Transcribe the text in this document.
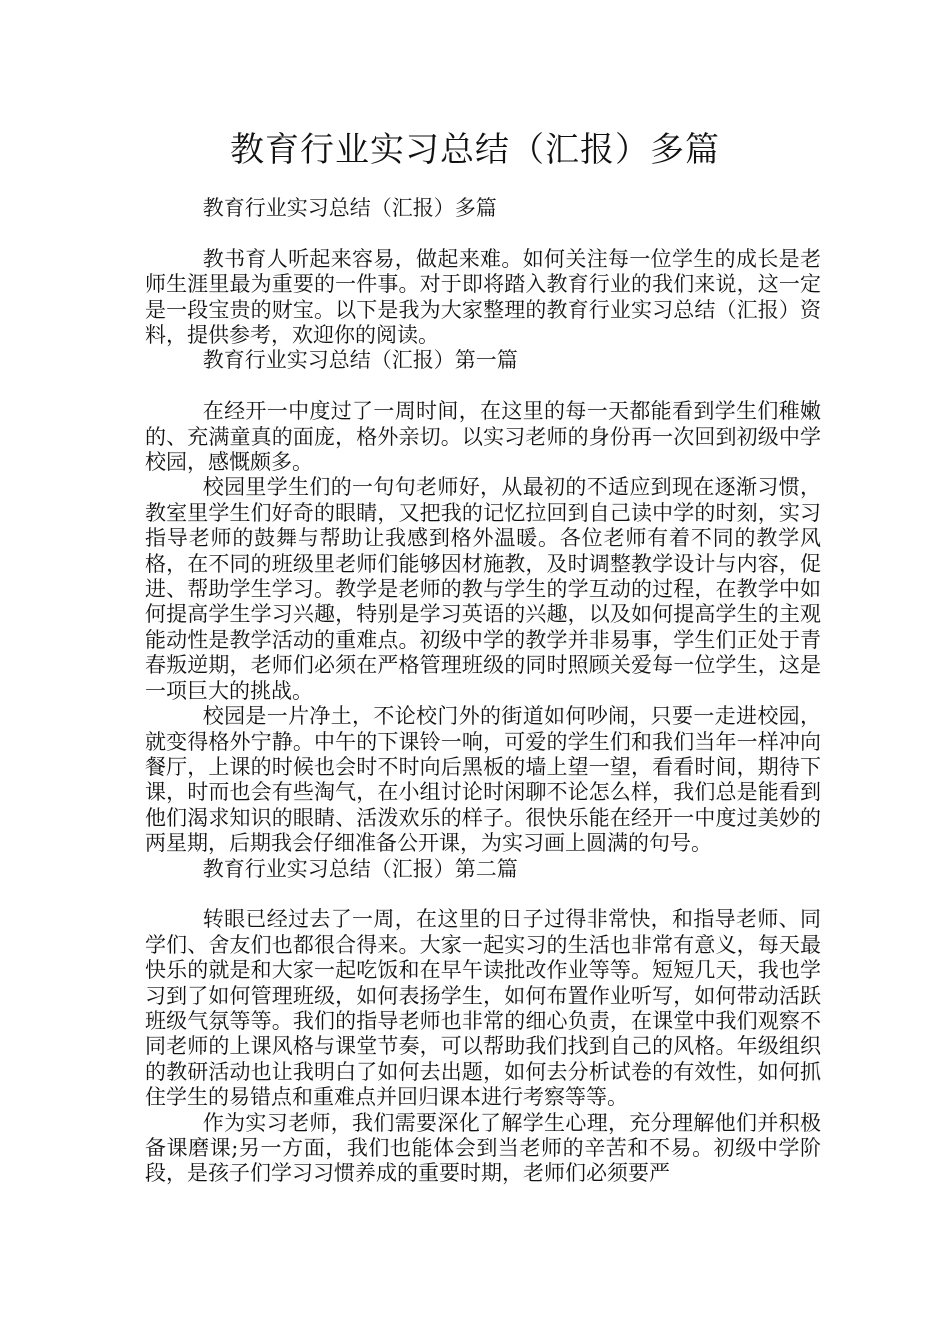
教育行业实习总结（汇报）多篇

教育行业实习总结（汇报）多篇

教书育人听起来容易，做起来难。如何关注每一位学生的成长是老师生涯里最为重要的一件事。对于即将踏入教育行业的我们来说，这一定是一段宝贵的财宝。以下是我为大家整理的教育行业实习总结（汇报）资料，提供参考，欢迎你的阅读。

教育行业实习总结（汇报）第一篇

在经开一中度过了一周时间，在这里的每一天都能看到学生们稚嫩的、充满童真的面庞，格外亲切。以实习老师的身份再一次回到初级中学校园，感慨颇多。

校园里学生们的一句句老师好，从最初的不适应到现在逐渐习惯，教室里学生们好奇的眼睛，又把我的记忆拉回到自己读中学的时刻，实习指导老师的鼓舞与帮助让我感到格外温暖。各位老师有着不同的教学风格，在不同的班级里老师们能够因材施教，及时调整教学设计与内容，促进、帮助学生学习。教学是老师的教与学生的学互动的过程，在教学中如何提高学生学习兴趣，特别是学习英语的兴趣，以及如何提高学生的主观能动性是教学活动的重难点。初级中学的教学并非易事，学生们正处于青春叛逆期，老师们必须在严格管理班级的同时照顾关爱每一位学生，这是一项巨大的挑战。

校园是一片净土，不论校门外的街道如何吵闹，只要一走进校园，就变得格外宁静。中午的下课铃一响，可爱的学生们和我们当年一样冲向餐厅，上课的时候也会时不时向后黑板的墙上望一望，看看时间，期待下课，时而也会有些淘气，在小组讨论时闲聊不论怎么样，我们总是能看到他们渴求知识的眼睛、活泼欢乐的样子。很快乐能在经开一中度过美妙的两星期，后期我会仔细准备公开课，为实习画上圆满的句号。

教育行业实习总结（汇报）第二篇

转眼已经过去了一周，在这里的日子过得非常快，和指导老师、同学们、舍友们也都很合得来。大家一起实习的生活也非常有意义，每天最快乐的就是和大家一起吃饭和在早午读批改作业等等。短短几天，我也学习到了如何管理班级，如何表扬学生，如何布置作业听写，如何带动活跃班级气氛等等。我们的指导老师也非常的细心负责，在课堂中我们观察不同老师的上课风格与课堂节奏，可以帮助我们找到自己的风格。年级组织的教研活动也让我明白了如何去出题，如何去分析试卷的有效性，如何抓住学生的易错点和重难点并回归课本进行考察等等。

作为实习老师，我们需要深化了解学生心理，充分理解他们并积极备课磨课;另一方面，我们也能体会到当老师的辛苦和不易。初级中学阶段，是孩子们学习习惯养成的重要时期，老师们必须要严
